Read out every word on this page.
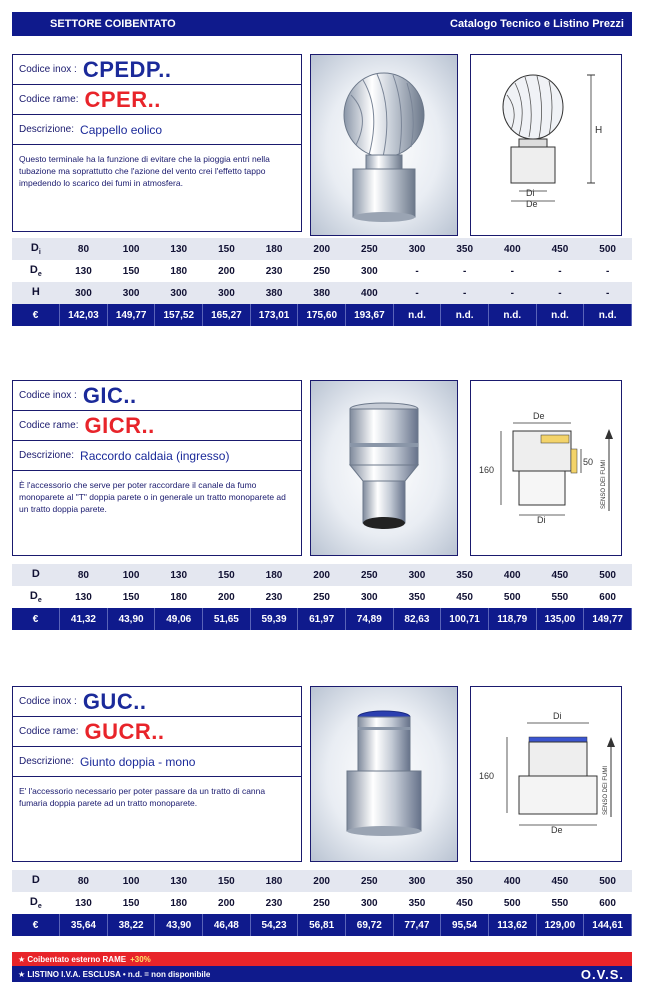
SETTORE COIBENTATO	Catalogo Tecnico e Listino Prezzi
Codice inox : CPEDP..
Codice rame: CPER..
Descrizione: Cappello eolico
Questo terminale ha la funzione di evitare che la pioggia entri nella tubazione ma soprattutto che l'azione del vento crei l'effetto tappo impedendo lo scarico dei fumi in atmosfera.
H
Di
De
$D_i$	80	100	130	150	180	200	250	300	350	400	450	500
$D_e$	130	150	180	200	230	250	300	-	-	-	-	-
H	300	300	300	300	380	380	400	-	-	-	-	-
€	142,03	149,77	157,52	165,27	173,01	175,60	193,67	n.d.	n.d.	n.d.	n.d.	n.d.
Codice inox : GIC..
Codice rame: GICR..
Descrizione: Raccordo caldaia (ingresso)
È l'accessorio che serve per poter raccordare il canale da fumo monoparete al "T" doppia parete o in generale un tratto monoparete ad un tratto doppia parete.
De
160
50
Di
SENSO DEI FUMI
D	80	100	130	150	180	200	250	300	350	400	450	500
$D_e$	130	150	180	200	230	250	300	350	450	500	550	600
€	41,32	43,90	49,06	51,65	59,39	61,97	74,89	82,63	100,71	118,79	135,00	149,77
Codice inox : GUC..
Codice rame: GUCR..
Descrizione: Giunto doppia - mono
E' l'accessorio necessario per poter passare da un tratto di canna fumaria doppia parete ad un tratto monoparete.
Di
160
De
SENSO DEI FUMI
D	80	100	130	150	180	200	250	300	350	400	450	500
$D_e$	130	150	180	200	230	250	300	350	450	500	550	600
€	35,64	38,22	43,90	46,48	54,23	56,81	69,72	77,47	95,54	113,62	129,00	144,61
★ Coibentato esterno RAME +30%
★ LISTINO I.V.A. ESCLUSA • n.d. = non disponibile	O.V.S.
